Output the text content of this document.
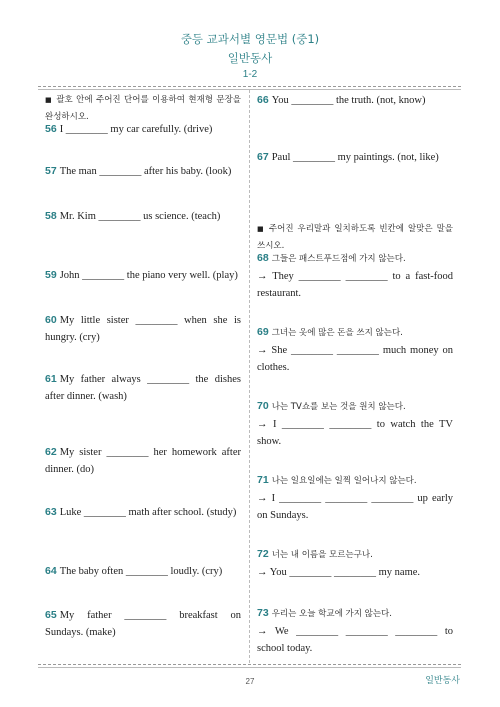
중등 교과서별 영문법 (중1)
일반동사
1-2
■ 괄호 안에 주어진 단어를 이용하여 현재형 문장을 완성하시오.
56 I ________ my car carefully. (drive)
57 The man ________ after his baby. (look)
58 Mr. Kim ________ us science. (teach)
59 John ________ the piano very well. (play)
60 My little sister ________ when she is hungry. (cry)
61 My father always ________ the dishes after dinner. (wash)
62 My sister ________ her homework after dinner. (do)
63 Luke ________ math after school. (study)
64 The baby often ________ loudly. (cry)
65 My father ________ breakfast on Sundays. (make)
66 You ________ the truth. (not, know)
67 Paul ________ my paintings. (not, like)
■ 주어진 우리말과 일치하도록 빈칸에 알맞은 말을 쓰시오.
68 그들은 패스트푸드점에 가지 않는다.
→ They ________ ________ to a fast-food restaurant.
69 그녀는 옷에 많은 돈을 쓰지 않는다.
→ She ________ ________ much money on clothes.
70 나는 TV쇼를 보는 것을 원치 않는다.
→ I ________ ________ to watch the TV show.
71 나는 일요일에는 일찍 일어나지 않는다.
→ I ________ ________ ________ up early on Sundays.
72 너는 내 이름을 모르는구나.
→ You ________ ________ my name.
73 우리는 오늘 학교에 가지 않는다.
→ We ________ ________ ________ to school today.
27	일반동사
